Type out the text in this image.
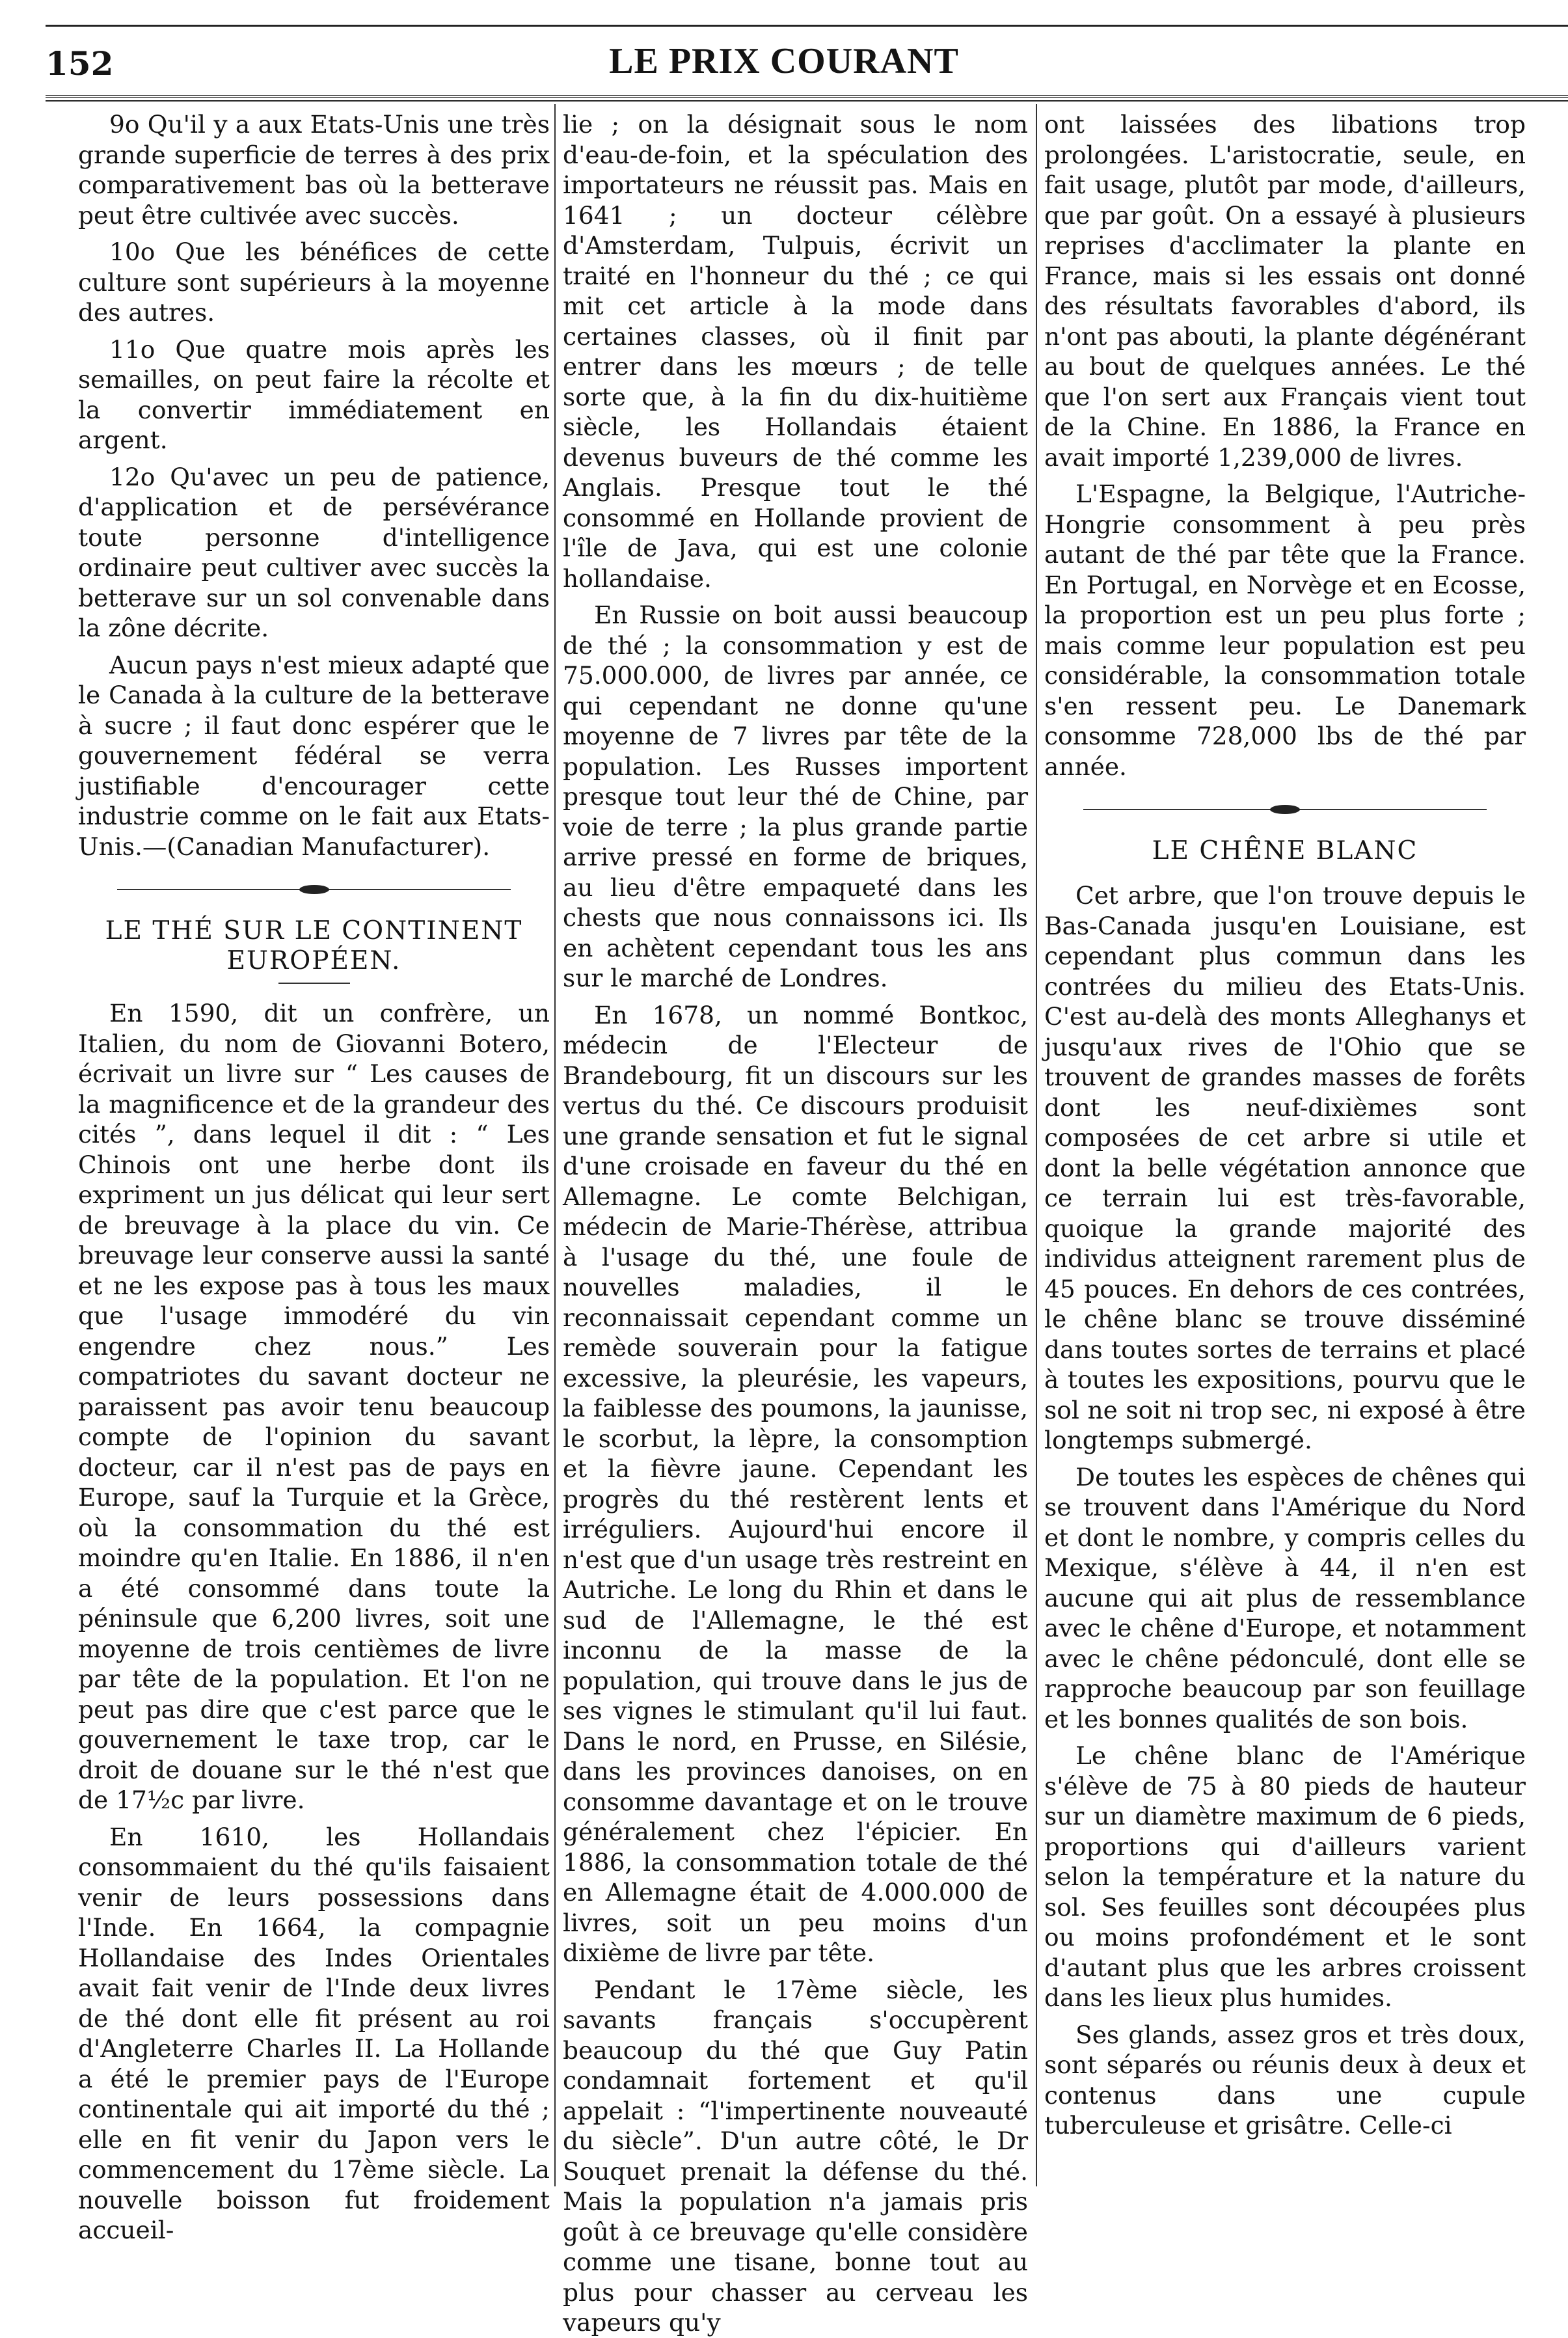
152	LE PRIX COURANT

9o Qu'il y a aux Etats-Unis une très grande superficie de terres à des prix comparativement bas où la betterave peut être cultivée avec succès.

10o Que les bénéfices de cette culture sont supérieurs à la moyenne des autres.

11o Que quatre mois après les semailles, on peut faire la récolte et la convertir immédiatement en argent.

12o Qu'avec un peu de patience, d'application et de persévérance toute personne d'intelligence ordinaire peut cultiver avec succès la betterave sur un sol convenable dans la zône décrite.

Aucun pays n'est mieux adapté que le Canada à la culture de la betterave à sucre ; il faut donc espérer que le gouvernement fédéral se verra justifiable d'encourager cette industrie comme on le fait aux Etats-Unis.—(Canadian Manufacturer).

LE THÉ SUR LE CONTINENT EUROPÉEN.

En 1590, dit un confrère, un Italien, du nom de Giovanni Botero, écrivait un livre sur “ Les causes de la magnificence et de la grandeur des cités ”, dans lequel il dit : “ Les Chinois ont une herbe dont ils expriment un jus délicat qui leur sert de breuvage à la place du vin. Ce breuvage leur conserve aussi la santé et ne les expose pas à tous les maux que l'usage immodéré du vin engendre chez nous.” Les compatriotes du savant docteur ne paraissent pas avoir tenu beaucoup compte de l'opinion du savant docteur, car il n'est pas de pays en Europe, sauf la Turquie et la Grèce, où la consommation du thé est moindre qu'en Italie. En 1886, il n'en a été consommé dans toute la péninsule que 6,200 livres, soit une moyenne de trois centièmes de livre par tête de la population. Et l'on ne peut pas dire que c'est parce que le gouvernement le taxe trop, car le droit de douane sur le thé n'est que de 17½c par livre.

En 1610, les Hollandais consommaient du thé qu'ils faisaient venir de leurs possessions dans l'Inde. En 1664, la compagnie Hollandaise des Indes Orientales avait fait venir de l'Inde deux livres de thé dont elle fit présent au roi d'Angleterre Charles II. La Hollande a été le premier pays de l'Europe continentale qui ait importé du thé ; elle en fit venir du Japon vers le commencement du 17ème siècle. La nouvelle boisson fut froidement accueil-

lie ; on la désignait sous le nom d'eau-de-foin, et la spéculation des importateurs ne réussit pas. Mais en 1641 ; un docteur célèbre d'Amsterdam, Tulpuis, écrivit un traité en l'honneur du thé ; ce qui mit cet article à la mode dans certaines classes, où il finit par entrer dans les mœurs ; de telle sorte que, à la fin du dix-huitième siècle, les Hollandais étaient devenus buveurs de thé comme les Anglais. Presque tout le thé consommé en Hollande provient de l'île de Java, qui est une colonie hollandaise.

En Russie on boit aussi beaucoup de thé ; la consommation y est de 75.000.000, de livres par année, ce qui cependant ne donne qu'une moyenne de 7 livres par tête de la population. Les Russes importent presque tout leur thé de Chine, par voie de terre ; la plus grande partie arrive pressé en forme de briques, au lieu d'être empaqueté dans les chests que nous connaissons ici. Ils en achètent cependant tous les ans sur le marché de Londres.

En 1678, un nommé Bontkoc, médecin de l'Electeur de Brandebourg, fit un discours sur les vertus du thé. Ce discours produisit une grande sensation et fut le signal d'une croisade en faveur du thé en Allemagne. Le comte Belchigan, médecin de Marie-Thérèse, attribua à l'usage du thé, une foule de nouvelles maladies, il le reconnaissait cependant comme un remède souverain pour la fatigue excessive, la pleurésie, les vapeurs, la faiblesse des poumons, la jaunisse, le scorbut, la lèpre, la consomption et la fièvre jaune. Cependant les progrès du thé restèrent lents et irréguliers. Aujourd'hui encore il n'est que d'un usage très restreint en Autriche. Le long du Rhin et dans le sud de l'Allemagne, le thé est inconnu de la masse de la population, qui trouve dans le jus de ses vignes le stimulant qu'il lui faut. Dans le nord, en Prusse, en Silésie, dans les provinces danoises, on en consomme davantage et on le trouve généralement chez l'épicier. En 1886, la consommation totale de thé en Allemagne était de 4.000.000 de livres, soit un peu moins d'un dixième de livre par tête.

Pendant le 17ème siècle, les savants français s'occupèrent beaucoup du thé que Guy Patin condamnait fortement et qu'il appelait : “l'impertinente nouveauté du siècle”. D'un autre côté, le Dr Souquet prenait la défense du thé. Mais la population n'a jamais pris goût à ce breuvage qu'elle considère comme une tisane, bonne tout au plus pour chasser au cerveau les vapeurs qu'y

ont laissées des libations trop prolongées. L'aristocratie, seule, en fait usage, plutôt par mode, d'ailleurs, que par goût. On a essayé à plusieurs reprises d'acclimater la plante en France, mais si les essais ont donné des résultats favorables d'abord, ils n'ont pas abouti, la plante dégénérant au bout de quelques années. Le thé que l'on sert aux Français vient tout de la Chine. En 1886, la France en avait importé 1,239,000 de livres.

L'Espagne, la Belgique, l'Autriche-Hongrie consomment à peu près autant de thé par tête que la France. En Portugal, en Norvège et en Ecosse, la proportion est un peu plus forte ; mais comme leur population est peu considérable, la consommation totale s'en ressent peu. Le Danemark consomme 728,000 lbs de thé par année.

LE CHÊNE BLANC

Cet arbre, que l'on trouve depuis le Bas-Canada jusqu'en Louisiane, est cependant plus commun dans les contrées du milieu des Etats-Unis. C'est au-delà des monts Alleghanys et jusqu'aux rives de l'Ohio que se trouvent de grandes masses de forêts dont les neuf-dixièmes sont composées de cet arbre si utile et dont la belle végétation annonce que ce terrain lui est très-favorable, quoique la grande majorité des individus atteignent rarement plus de 45 pouces. En dehors de ces contrées, le chêne blanc se trouve disséminé dans toutes sortes de terrains et placé à toutes les expositions, pourvu que le sol ne soit ni trop sec, ni exposé à être longtemps submergé.

De toutes les espèces de chênes qui se trouvent dans l'Amérique du Nord et dont le nombre, y compris celles du Mexique, s'élève à 44, il n'en est aucune qui ait plus de ressemblance avec le chêne d'Europe, et notamment avec le chêne pédonculé, dont elle se rapproche beaucoup par son feuillage et les bonnes qualités de son bois.

Le chêne blanc de l'Amérique s'élève de 75 à 80 pieds de hauteur sur un diamètre maximum de 6 pieds, proportions qui d'ailleurs varient selon la température et la nature du sol. Ses feuilles sont découpées plus ou moins profondément et le sont d'autant plus que les arbres croissent dans les lieux plus humides.

Ses glands, assez gros et très doux, sont séparés ou réunis deux à deux et contenus dans une cupule tuberculeuse et grisâtre. Celle-ci
